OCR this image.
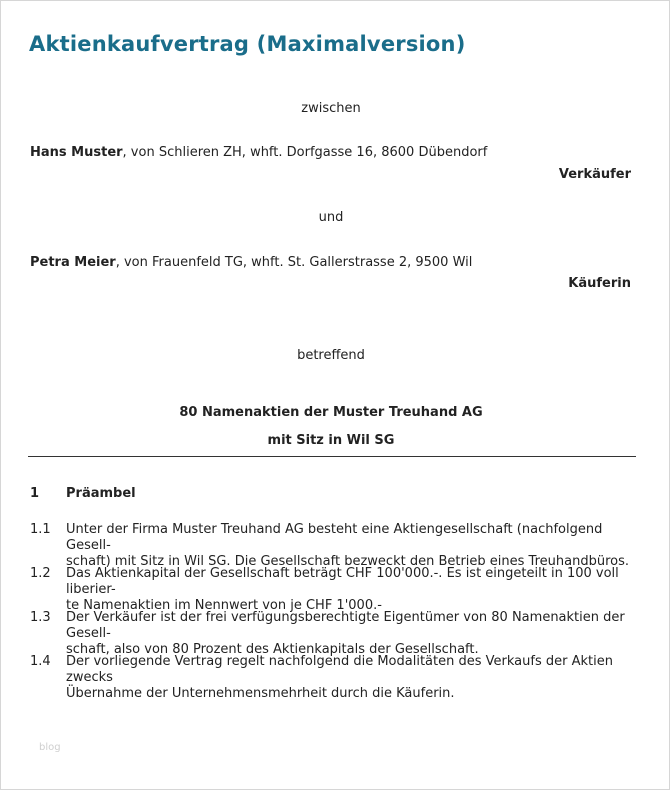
Aktienkaufvertrag (Maximalversion)
zwischen
Hans Muster, von Schlieren ZH, whft. Dorfgasse 16, 8600 Dübendorf
Verkäufer
und
Petra Meier, von Frauenfeld TG, whft. St. Gallerstrasse 2, 9500 Wil
Käuferin
betreffend
80 Namenaktien der Muster Treuhand AG
mit Sitz in Wil SG
1 Präambel
1.1 Unter der Firma Muster Treuhand AG besteht eine Aktiengesellschaft (nachfolgend Gesell-
schaft) mit Sitz in Wil SG. Die Gesellschaft bezweckt den Betrieb eines Treuhandbüros.
1.2 Das Aktienkapital der Gesellschaft beträgt CHF 100'000.-. Es ist eingeteilt in 100 voll liberier-
te Namenaktien im Nennwert von je CHF 1'000.-
1.3 Der Verkäufer ist der frei verfügungsberechtigte Eigentümer von 80 Namenaktien der Gesell-
schaft, also von 80 Prozent des Aktienkapitals der Gesellschaft.
1.4 Der vorliegende Vertrag regelt nachfolgend die Modalitäten des Verkaufs der Aktien zwecks
Übernahme der Unternehmensmehrheit durch die Käuferin.
blog
